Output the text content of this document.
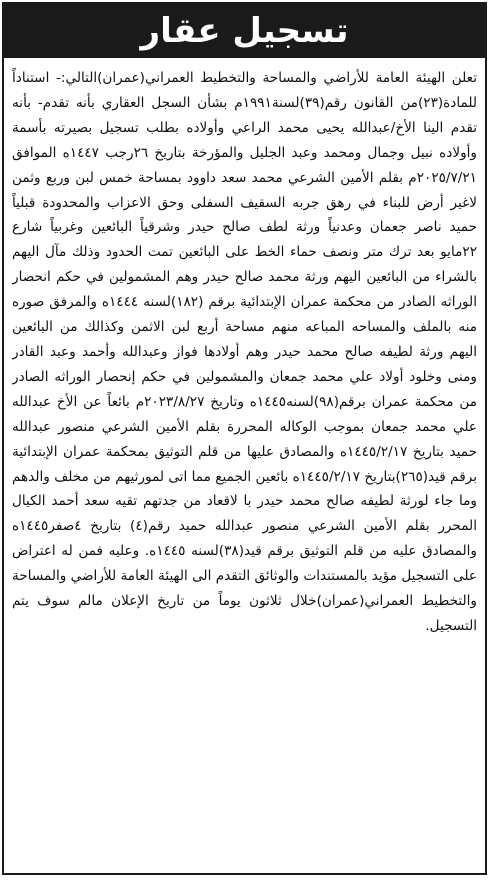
تسجيل عقار

تعلن الهيئة العامة للأراضي والمساحة والتخطيط العمراني(عمران)التالي:- استناداً للمادة(٢٣)من القانون رقم(٣٩)لسنة١٩٩١م بشأن السجل العقاري بأنه تقدم- بأنه تقدم الينا الأخ/عبدالله يحيى محمد الراعي وأولاده بطلب تسجيل بصيرته بأسمة وأولاده نبيل وجمال ومحمد وعبد الجليل والمؤرخة بتاريخ ٢٦رجب ١٤٤٧ه الموافق ٢٠٢٥/٧/٢١م بقلم الأمين الشرعي محمد سعد داوود بمساحة خمس لبن وربع وثمن لاغير أرض للبناء في رهق جربه السقيف السفلى وحق الاعزاب والمحدودة قبلياً حميد ناصر جعمان وعدنياً ورثة لطف صالح حيدر وشرقياً البائعين وغربياً شارع ٢٢مايو بعد ترك متر ونصف حماء الخط على البائعين تمت الحدود وذلك مآل اليهم بالشراء من البائعين اليهم ورثة محمد صالح حيدر وهم المشمولين في حكم انحصار الوراثه الصادر من محكمة عمران الإبتدائية برقم (١٨٢)لسنه ١٤٤٤ه والمرفق صوره منه بالملف والمساحه المباعه منهم مساحة أربع لبن الاثمن وكذالك من البائعين اليهم ورثة لطيفه صالح محمد حيدر وهم أولادها فواز وعبدالله وأحمد وعبد القادر ومنى وخلود أولاد علي محمد جمعان والمشمولين في حكم إنحصار الوراثه الصادر من محكمة عمران برقم(٩٨)لسنه١٤٤٥ه وتاريخ ٢٠٢٣/٨/٢٧م بائعاً عن الأخ عبدالله علي محمد جمعان بموجب الوكاله المحررة بقلم الأمين الشرعي منصور عبدالله حميد بتاريخ ١٤٤٥/٢/١٧ه والمصادق عليها من قلم التوثيق بمحكمة عمران الإبتدائية برقم قيد(٢٦٥)بتاريخ ١٤٤٥/٢/١٧ه بائعين الجميع مما اتى لمورثيهم من مخلف والدهم وما جاء لورثة لطيفه صالح محمد حيدر با لاقعاد من جدتهم تقيه سعد أحمد الكيال المحرر بقلم الأمين الشرعي منصور عبدالله حميد رقم(٤) بتاريخ ٤صفر١٤٤٥ه والمصادق عليه من قلم التوثيق برقم قيد(٣٨)لسنه ١٤٤٥ه. وعليه فمن له اعتراض على التسجيل مؤيد بالمستندات والوثائق التقدم الى الهيئة العامة للأراضي والمساحة والتخطيط العمراني(عمران)خلال ثلاثون يوماً من تاريخ الإعلان مالم سوف يتم التسجيل.
